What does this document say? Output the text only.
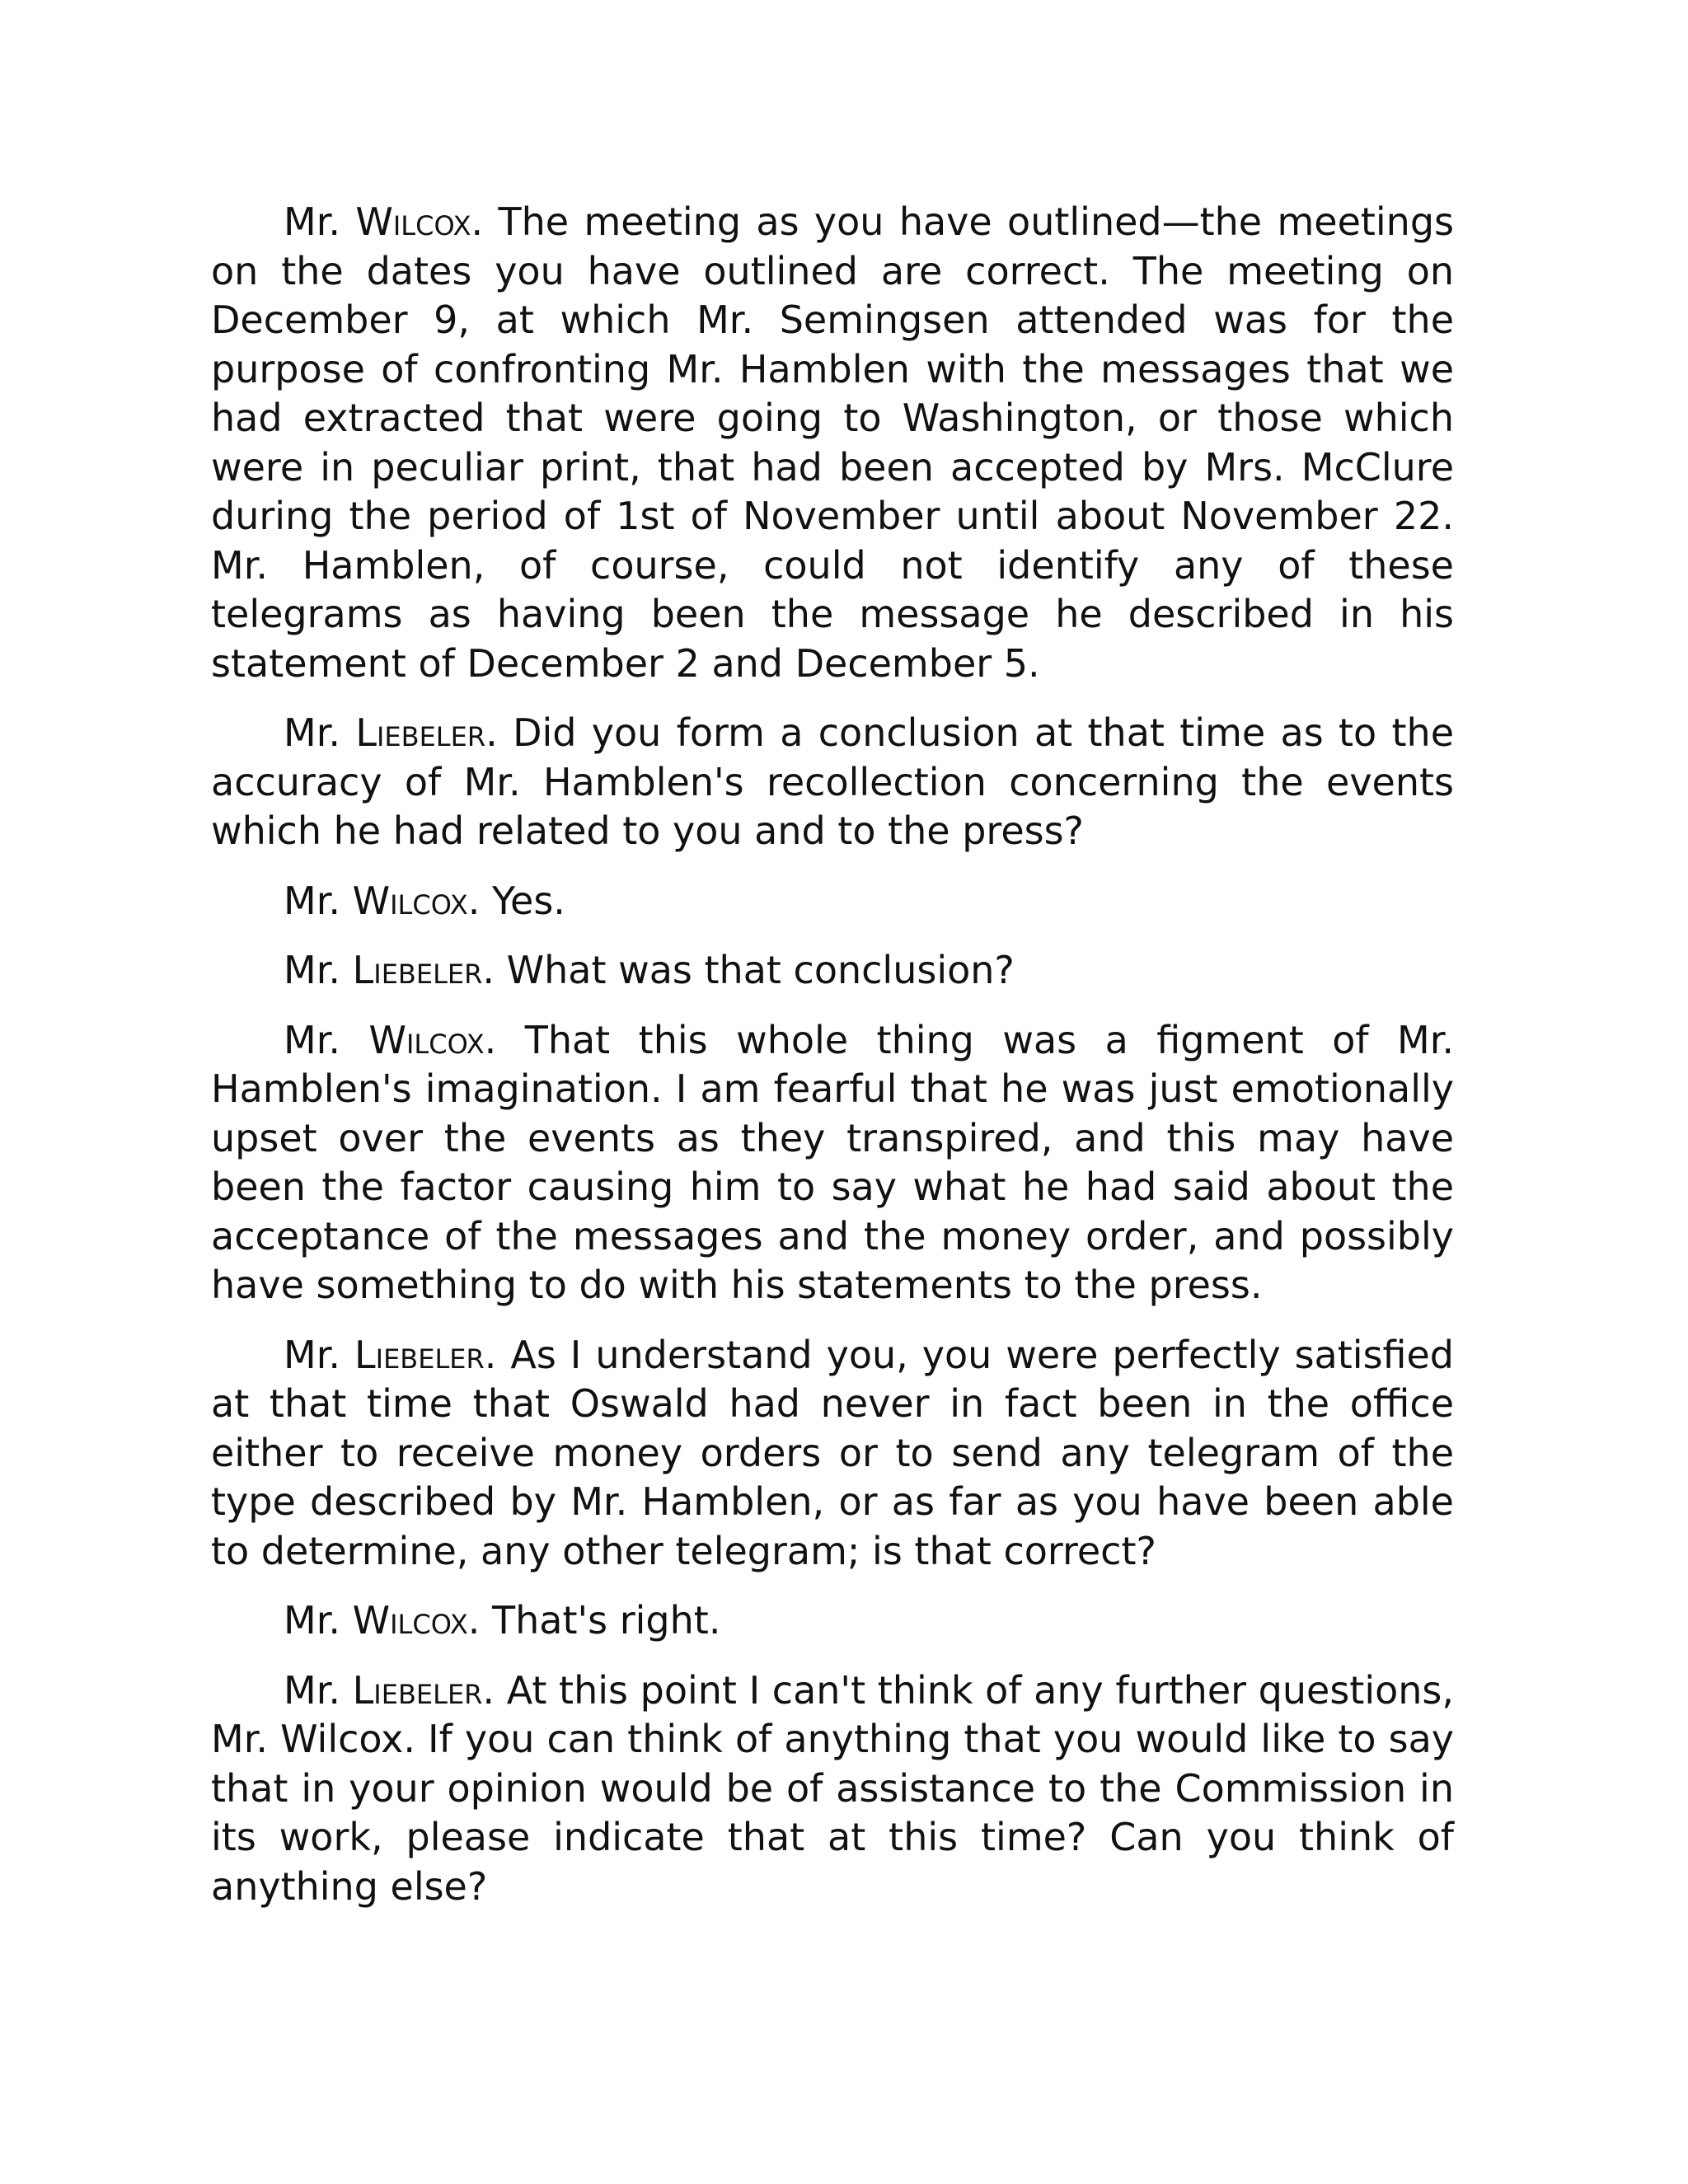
Mr. Wilcox. The meeting as you have outlined—the meetings on the dates you have outlined are correct. The meeting on December 9, at which Mr. Semingsen attended was for the purpose of confronting Mr. Hamblen with the messages that we had extracted that were going to Washington, or those which were in peculiar print, that had been accepted by Mrs. McClure during the period of 1st of November until about November 22. Mr. Hamblen, of course, could not identify any of these telegrams as having been the message he described in his statement of December 2 and December 5.

Mr. Liebeler. Did you form a conclusion at that time as to the accuracy of Mr. Hamblen's recollection concerning the events which he had related to you and to the press?

Mr. Wilcox. Yes.

Mr. Liebeler. What was that conclusion?

Mr. Wilcox. That this whole thing was a figment of Mr. Hamblen's imagination. I am fearful that he was just emotionally upset over the events as they transpired, and this may have been the factor causing him to say what he had said about the acceptance of the messages and the money order, and possibly have something to do with his statements to the press.

Mr. Liebeler. As I understand you, you were perfectly satisfied at that time that Oswald had never in fact been in the office either to receive money orders or to send any telegram of the type described by Mr. Hamblen, or as far as you have been able to determine, any other telegram; is that correct?

Mr. Wilcox. That's right.

Mr. Liebeler. At this point I can't think of any further questions, Mr. Wilcox. If you can think of anything that you would like to say that in your opinion would be of assistance to the Commission in its work, please indicate that at this time? Can you think of anything else?
